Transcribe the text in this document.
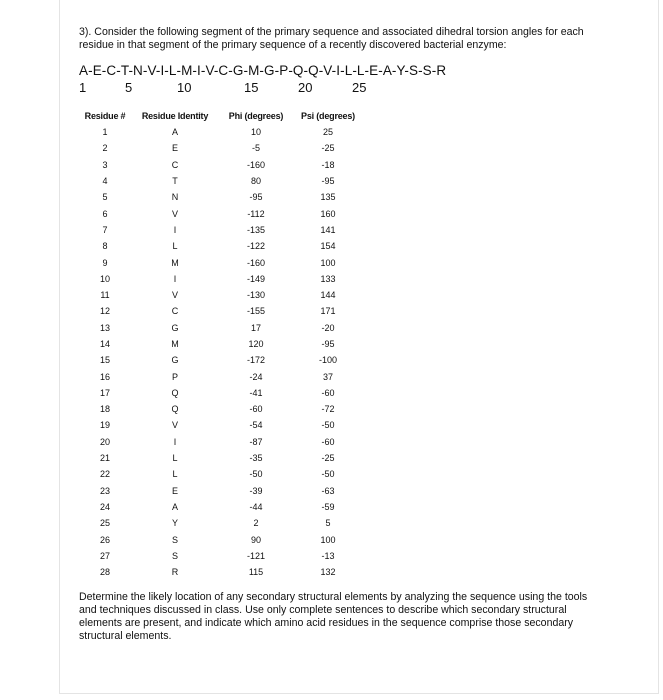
3). Consider the following segment of the primary sequence and associated dihedral torsion angles for each residue in that segment of the primary sequence of a recently discovered bacterial enzyme:
A-E-C-T-N-V-I-L-M-I-V-C-G-M-G-P-Q-Q-V-I-L-L-E-A-Y-S-S-R
1	5	10	15	20	25
Residue #	Residue Identity	Phi (degrees)	Psi (degrees)
1	A	10	25
2	E	-5	-25
3	C	-160	-18
4	T	80	-95
5	N	-95	135
6	V	-112	160
7	I	-135	141
8	L	-122	154
9	M	-160	100
10	I	-149	133
11	V	-130	144
12	C	-155	171
13	G	17	-20
14	M	120	-95
15	G	-172	-100
16	P	-24	37
17	Q	-41	-60
18	Q	-60	-72
19	V	-54	-50
20	I	-87	-60
21	L	-35	-25
22	L	-50	-50
23	E	-39	-63
24	A	-44	-59
25	Y	2	5
26	S	90	100
27	S	-121	-13
28	R	115	132
Determine the likely location of any secondary structural elements by analyzing the sequence using the tools and techniques discussed in class. Use only complete sentences to describe which secondary structural elements are present, and indicate which amino acid residues in the sequence comprise those secondary structural elements.
